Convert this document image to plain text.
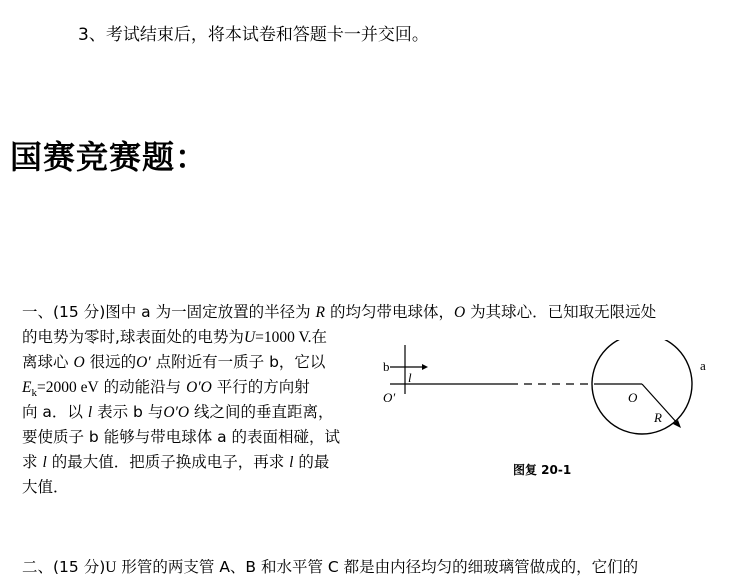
3、考试结束后，将本试卷和答题卡一并交回。
国赛竞赛题：
一、(15 分)图中 a 为一固定放置的半径为 R 的均匀带电球体，O 为其球心．已知取无限远处
的电势为零时,球表面处的电势为U=1000 V.在
离球心 O 很远的O′ 点附近有一质子 b，它以
$E_k=2000$ eV 的动能沿与 O′O 平行的方向射
向 a．以 l 表示 b 与O′O 线之间的垂直距离，
要使质子 b 能够与带电球体 a 的表面相碰，试
求 l 的最大值．把质子换成电子，再求 l 的最
大值．
b
l
O′	O
R
a
图复 20-1
二、(15 分)U 形管的两支管 A、B 和水平管 C 都是由内径均匀的细玻璃管做成的，它们的
